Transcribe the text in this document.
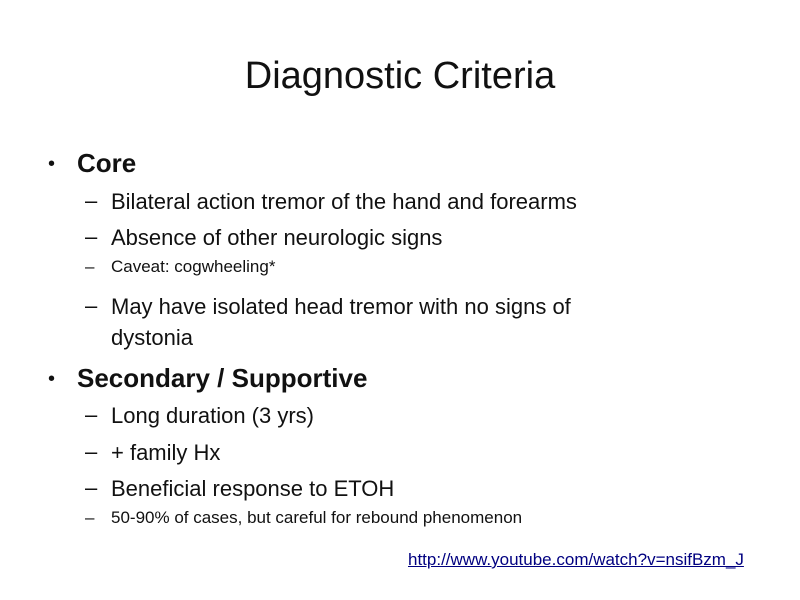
Diagnostic Criteria
• Core
– Bilateral action tremor of the hand and forearms
– Absence of other neurologic signs
– Caveat: cogwheeling*
– May have isolated head tremor with no signs of
dystonia
• Secondary / Supportive
– Long duration (3 yrs)
– + family Hx
– Beneficial response to ETOH
– 50-90% of cases, but careful for rebound phenomenon
http://www.youtube.com/watch?v=nsifBzm_J
